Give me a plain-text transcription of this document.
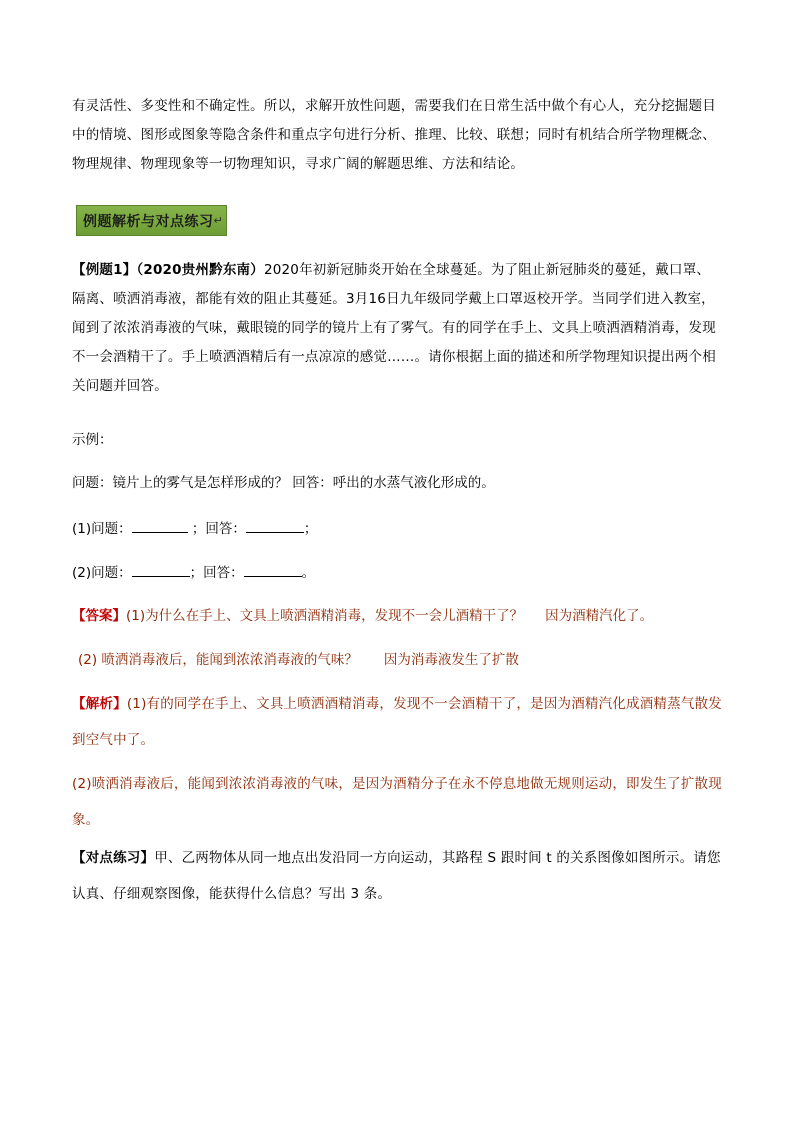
有灵活性、多变性和不确定性。所以，求解开放性问题，需要我们在日常生活中做个有心人，充分挖掘题目中的情境、图形或图象等隐含条件和重点字句进行分析、推理、比较、联想；同时有机结合所学物理概念、物理规律、物理现象等一切物理知识，寻求广阔的解题思维、方法和结论。
例题解析与对点练习 ↵
【例题1】（2020贵州黔东南）2020年初新冠肺炎开始在全球蔓延。为了阻止新冠肺炎的蔓延，戴口罩、隔离、喷洒消毒液，都能有效的阻止其蔓延。3月16日九年级同学戴上口罩返校开学。当同学们进入教室，闻到了浓浓消毒液的气味，戴眼镜的同学的镜片上有了雾气。有的同学在手上、文具上喷洒酒精消毒，发现不一会酒精干了。手上喷洒酒精后有一点凉凉的感觉……。请你根据上面的描述和所学物理知识提出两个相关问题并回答。
示例：
问题：镜片上的雾气是怎样形成的？ 回答：呼出的水蒸气液化形成的。
(1)问题：	；回答：	；
(2)问题：	；回答：	。
【答案】(1)为什么在手上、文具上喷洒酒精消毒，发现不一会儿酒精干了？ 因为酒精汽化了。
(2) 喷洒消毒液后，能闻到浓浓消毒液的气味？ 因为消毒液发生了扩散
【解析】(1)有的同学在手上、文具上喷洒酒精消毒，发现不一会酒精干了，是因为酒精汽化成酒精蒸气散发到空气中了。
(2)喷洒消毒液后，能闻到浓浓消毒液的气味，是因为酒精分子在永不停息地做无规则运动，即发生了扩散现象。
【对点练习】甲、乙两物体从同一地点出发沿同一方向运动，其路程 S 跟时间 t 的关系图像如图所示。请您认真、仔细观察图像，能获得什么信息？写出 3 条。
